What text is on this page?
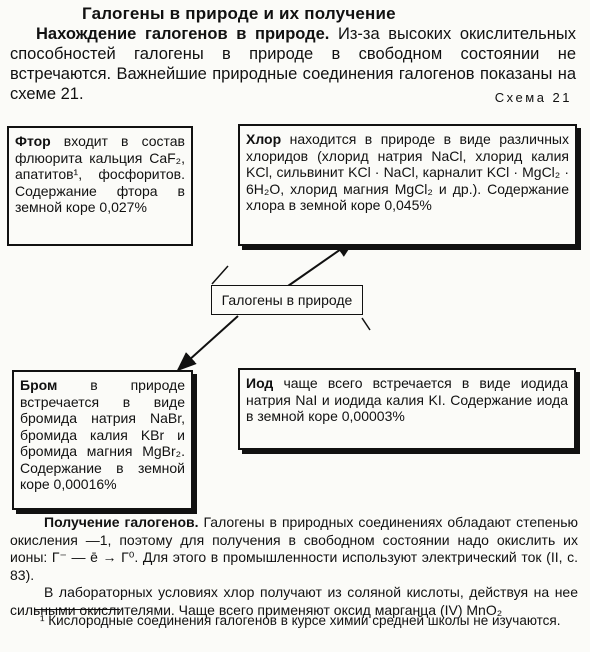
Галогены в природе и их получение
Нахождение галогенов в природе. Из-за высоких окислительных способностей галогены в природе в свободном состоянии не встречаются. Важнейшие природные соединения галогенов показаны на схеме 21.	Схема 21
Фтор входит в состав флюорита кальция CaF₂, апатитов¹, фосфоритов. Содержание фтора в земной коре 0,027%
Хлор находится в природе в виде различных хлоридов (хлорид натрия NaCl, хлорид калия KCl, сильвинит KCl · NaCl, карналит KCl · MgCl₂ · 6H₂O, хлорид магния MgCl₂ и др.). Содержание хлора в земной коре 0,045%
Галогены в природе
Бром в природе встречается в виде бромида натрия NaBr, бромида калия KBr и бромида магния MgBr₂. Содержание в земной коре 0,00016%
Иод чаще всего встречается в виде иодида натрия NaI и иодида калия KI. Содержание иода в земной коре 0,00003%

Получение галогенов. Галогены в природных соединениях обладают степенью окисления —1, поэтому для получения в свободном состоянии надо окислить их ионы: Г⁻ — ē → Г⁰. Для этого в промышленности используют электрический ток (II, с. 83).

В лабораторных условиях хлор получают из соляной кислоты, действуя на нее сильными окислителями. Чаще всего применяют оксид марганца (IV) MnO₂

¹ Кислородные соединения галогенов в курсе химии средней школы не изучаются.
